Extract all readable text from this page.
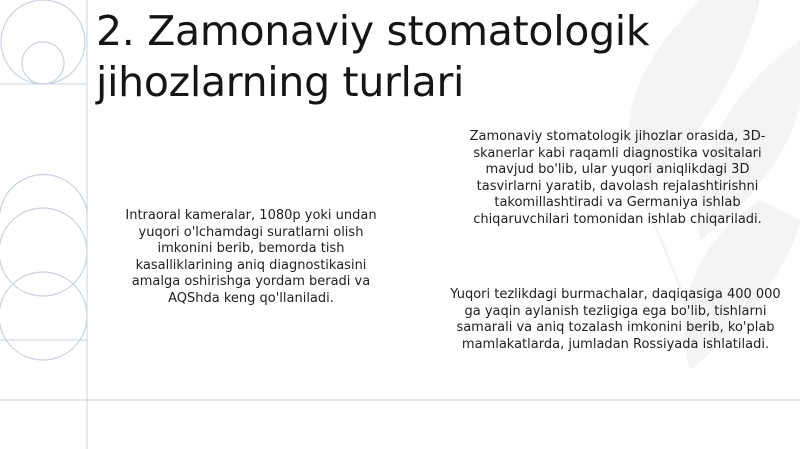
2. Zamonaviy stomatologik jihozlarning turlari

Intraoral kameralar, 1080p yoki undan yuqori o'lchamdagi suratlarni olish imkonini berib, bemorda tish kasalliklarining aniq diagnostikasini amalga oshirishga yordam beradi va AQShda keng qo'llaniladi.

Zamonaviy stomatologik jihozlar orasida, 3D-skanerlar kabi raqamli diagnostika vositalari mavjud bo'lib, ular yuqori aniqlikdagi 3D tasvirlarni yaratib, davolash rejalashtirishni takomillashtiradi va Germaniya ishlab chiqaruvchilari tomonidan ishlab chiqariladi.

Yuqori tezlikdagi burmachalar, daqiqasiga 400 000 ga yaqin aylanish tezligiga ega bo'lib, tishlarni samarali va aniq tozalash imkonini berib, ko'plab mamlakatlarda, jumladan Rossiyada ishlatiladi.
